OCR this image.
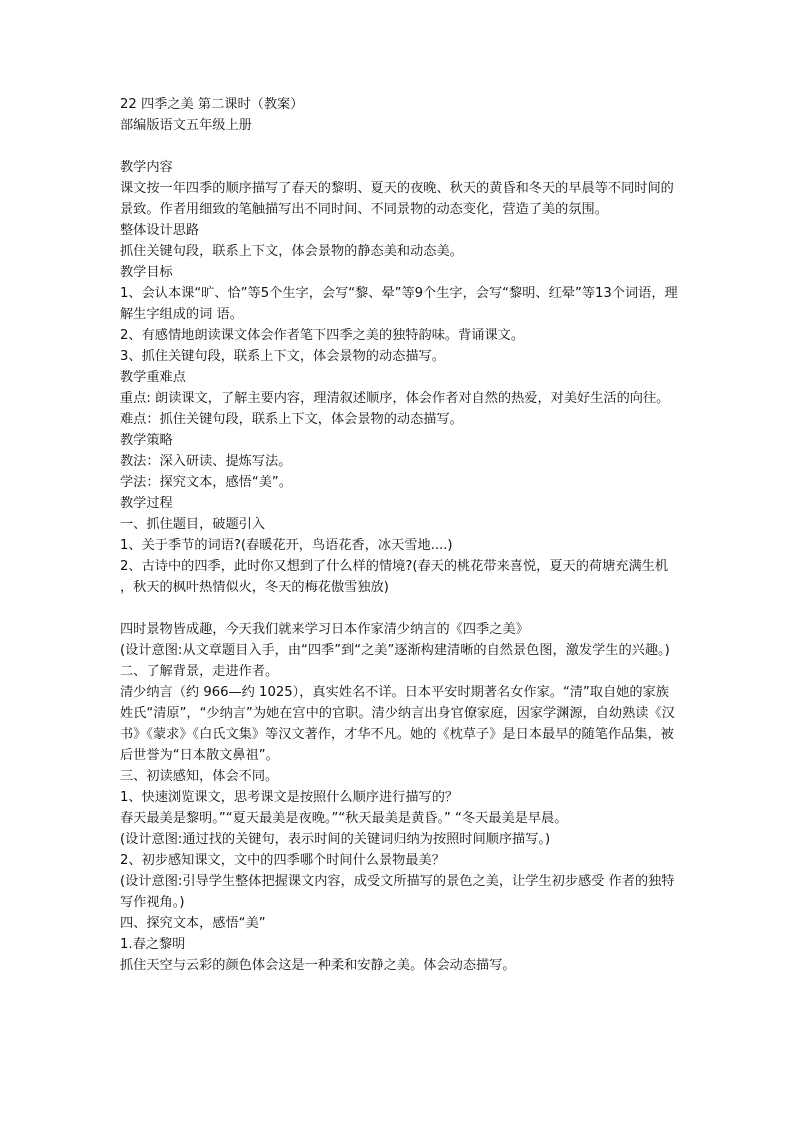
22 四季之美 第二课时（教案）
部编版语文五年级上册
教学内容
课文按一年四季的顺序描写了春天的黎明、夏天的夜晚、秋天的黄昏和冬天的早晨等不同时间的景致。作者用细致的笔触描写出不同时间、不同景物的动态变化，营造了美的氛围。
整体设计思路
抓住关键句段，联系上下文，体会景物的静态美和动态美。
教学目标
1、会认本课“旷、恰”等5个生字，会写“黎、晕”等9个生字，会写“黎明、红晕”等13个词语，理解生字组成的词 语。
2、有感情地朗读课文体会作者笔下四季之美的独特韵味。背诵课文。
3、抓住关键句段，联系上下文，体会景物的动态描写。
教学重难点
重点: 朗读课文，了解主要内容，理清叙述顺序，体会作者对自然的热爱，对美好生活的向往。
难点：抓住关键句段，联系上下文，体会景物的动态描写。
教学策略
教法：深入研读、提炼写法。
学法：探究文本，感悟“美”。
教学过程
一、抓住题目，破题引入
1、关于季节的词语?(春暖花开，鸟语花香，冰天雪地....)
2、古诗中的四季，此时你又想到了什么样的情境?(春天的桃花带来喜悦，夏天的荷塘充满生机，秋天的枫叶热情似火，冬天的梅花傲雪独放)
四时景物皆成趣，今天我们就来学习日本作家清少纳言的《四季之美》
(设计意图:从文章题目入手，由“四季”到“之美”逐渐构建清晰的自然景色图，激发学生的兴趣。)
二、了解背景，走进作者。
清少纳言（约 966—约 1025），真实姓名不详。日本平安时期著名女作家。“清”取自她的家族姓氏“清原”，“少纳言”为她在宫中的官职。清少纳言出身官僚家庭，因家学渊源，自幼熟读《汉书》《蒙求》《白氏文集》等汉文著作，才华不凡。她的《枕草子》是日本最早的随笔作品集，被后世誉为“日本散文鼻祖”。
三、初读感知，体会不同。
1、快速浏览课文，思考课文是按照什么顺序进行描写的？
春天最美是黎明。”“夏天最美是夜晚。”“秋天最美是黄昏。” “冬天最美是早晨。
(设计意图:通过找的关键句，表示时间的关键词归纳为按照时间顺序描写。)
2、初步感知课文，文中的四季哪个时间什么景物最美？
(设计意图:引导学生整体把握课文内容，成受文所描写的景色之美，让学生初步感受 作者的独特写作视角。)
四、探究文本，感悟“美”
1.春之黎明
抓住天空与云彩的颜色体会这是一种柔和安静之美。体会动态描写。
